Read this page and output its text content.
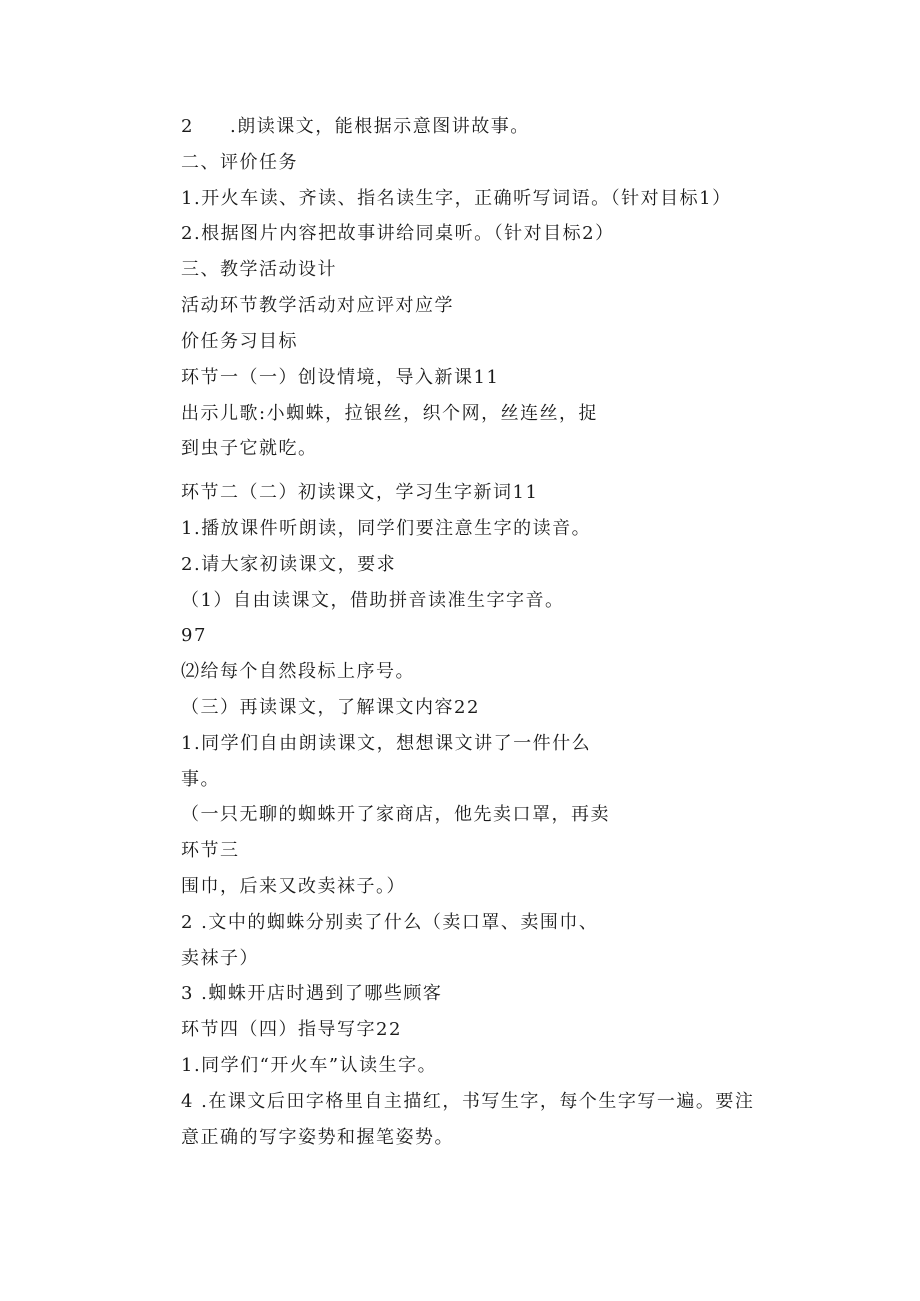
2     .朗读课文，能根据示意图讲故事。
二、评价任务
1.开火车读、齐读、指名读生字，正确听写词语。（针对目标1）
2.根据图片内容把故事讲给同桌听。（针对目标2）
三、教学活动设计
活动环节教学活动对应评对应学
价任务习目标
环节一（一）创设情境，导入新课11
出示儿歌:小蜘蛛，拉银丝，织个网，丝连丝，捉
到虫子它就吃。
环节二（二）初读课文，学习生字新词11
1.播放课件听朗读，同学们要注意生字的读音。
2.请大家初读课文，要求
（1）自由读课文，借助拼音读准生字字音。
97
⑵给每个自然段标上序号。
（三）再读课文，了解课文内容22
1.同学们自由朗读课文，想想课文讲了一件什么
事。
（一只无聊的蜘蛛开了家商店，他先卖口罩，再卖
环节三
围巾，后来又改卖袜子。）
2 .文中的蜘蛛分别卖了什么（卖口罩、卖围巾、
卖袜子）
3 .蜘蛛开店时遇到了哪些顾客
环节四（四）指导写字22
1.同学们“开火车”认读生字。
4 .在课文后田字格里自主描红，书写生字，每个生字写一遍。要注
意正确的写字姿势和握笔姿势。
